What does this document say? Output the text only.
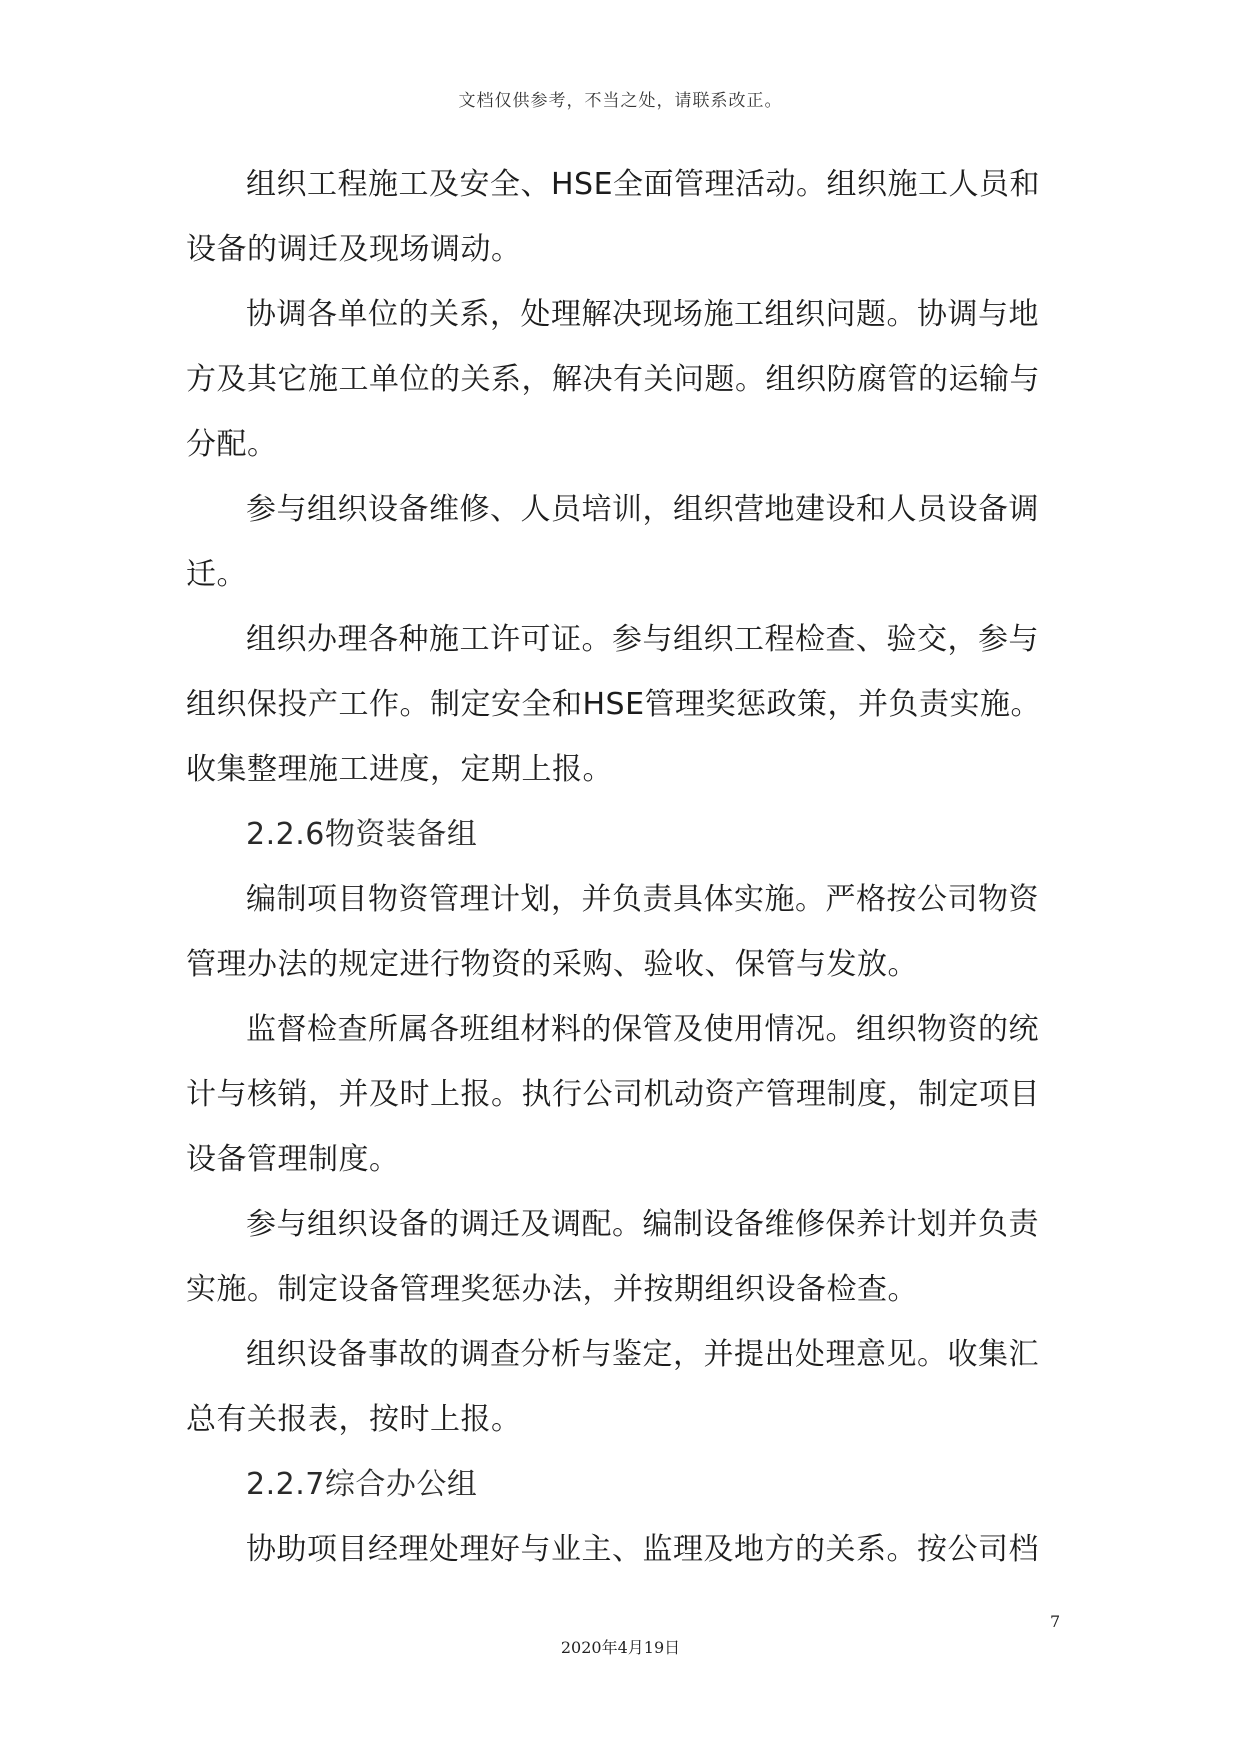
文档仅供参考，不当之处，请联系改正。

组织工程施工及安全、HSE全面管理活动。组织施工人员和设备的调迁及现场调动。

协调各单位的关系，处理解决现场施工组织问题。协调与地方及其它施工单位的关系，解决有关问题。组织防腐管的运输与分配。

参与组织设备维修、人员培训，组织营地建设和人员设备调迁。

组织办理各种施工许可证。参与组织工程检查、验交，参与组织保投产工作。制定安全和HSE管理奖惩政策，并负责实施。收集整理施工进度，定期上报。

2.2.6物资装备组

编制项目物资管理计划，并负责具体实施。严格按公司物资管理办法的规定进行物资的采购、验收、保管与发放。

监督检查所属各班组材料的保管及使用情况。组织物资的统计与核销，并及时上报。执行公司机动资产管理制度，制定项目设备管理制度。

参与组织设备的调迁及调配。编制设备维修保养计划并负责实施。制定设备管理奖惩办法，并按期组织设备检查。

组织设备事故的调查分析与鉴定，并提出处理意见。收集汇总有关报表，按时上报。

2.2.7综合办公组

协助项目经理处理好与业主、监理及地方的关系。按公司档

7
2020年4月19日
